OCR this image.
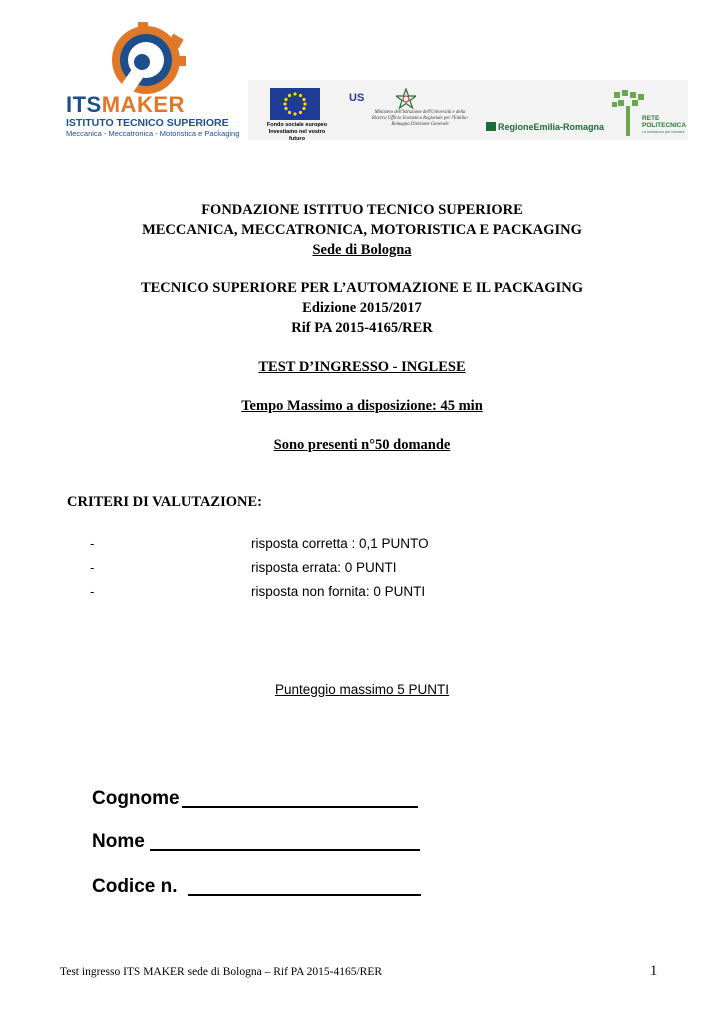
ITSMAKER
ISTITUTO TECNICO SUPERIORE
Meccanica - Meccatronica - Motoristica e Packaging
Fondo sociale europeo
Investiamo nel vostro futuro
US
Ministero dell'Istruzione dell'Università e della Ricerca Ufficio Scolastico Regionale per l'Emilia-Romagna Direzione Generale	RegioneEmilia-Romagna
RETE
POLITECNICA
La formazione per crescere
FONDAZIONE ISTITUO TECNICO SUPERIORE
MECCANICA, MECCATRONICA, MOTORISTICA E PACKAGING
Sede di Bologna
TECNICO SUPERIORE PER L’AUTOMAZIONE E IL PACKAGING
Edizione 2015/2017
Rif PA 2015-4165/RER
TEST D’INGRESSO - INGLESE
Tempo Massimo a disposizione: 45 min
Sono presenti n°50 domande
CRITERI DI VALUTAZIONE:
-	risposta corretta : 0,1 PUNTO
-	risposta errata: 0 PUNTI
-	risposta non fornita: 0 PUNTI
Punteggio massimo 5 PUNTI
Cognome
Nome
Codice n.
Test ingresso ITS MAKER sede di Bologna – Rif PA 2015-4165/RER	1
